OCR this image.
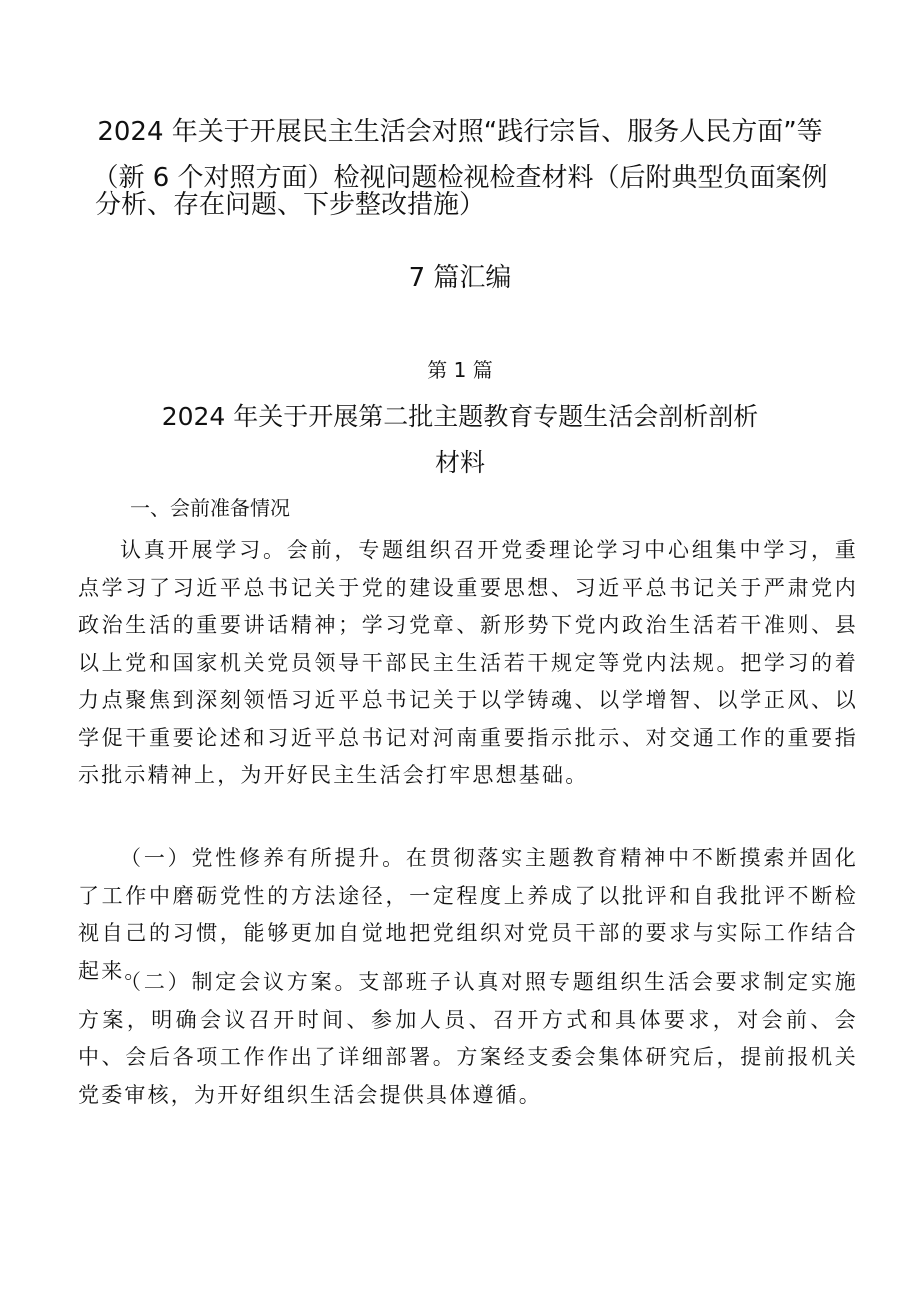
2024 年关于开展民主生活会对照“践行宗旨、服务人民方面”等
（新 6 个对照方面）检视问题检视检查材料（后附典型负面案例
分析、存在问题、下步整改措施）
7 篇汇编
第 1 篇
2024 年关于开展第二批主题教育专题生活会剖析剖析
材料
一、会前准备情况

认真开展学习。会前，专题组织召开党委理论学习中心组集中学习，重点学习了习近平总书记关于党的建设重要思想、习近平总书记关于严肃党内政治生活的重要讲话精神；学习党章、新形势下党内政治生活若干准则、县以上党和国家机关党员领导干部民主生活若干规定等党内法规。把学习的着力点聚焦到深刻领悟习近平总书记关于以学铸魂、以学增智、以学正风、以学促干重要论述和习近平总书记对河南重要指示批示、对交通工作的重要指示批示精神上，为开好民主生活会打牢思想基础。

（一）党性修养有所提升。在贯彻落实主题教育精神中不断摸索并固化了工作中磨砺党性的方法途径，一定程度上养成了以批评和自我批评不断检视自己的习惯，能够更加自觉地把党组织对党员干部的要求与实际工作结合起来。

（二）制定会议方案。支部班子认真对照专题组织生活会要求制定实施方案，明确会议召开时间、参加人员、召开方式和具体要求，对会前、会中、会后各项工作作出了详细部署。方案经支委会集体研究后，提前报机关党委审核，为开好组织生活会提供具体遵循。
